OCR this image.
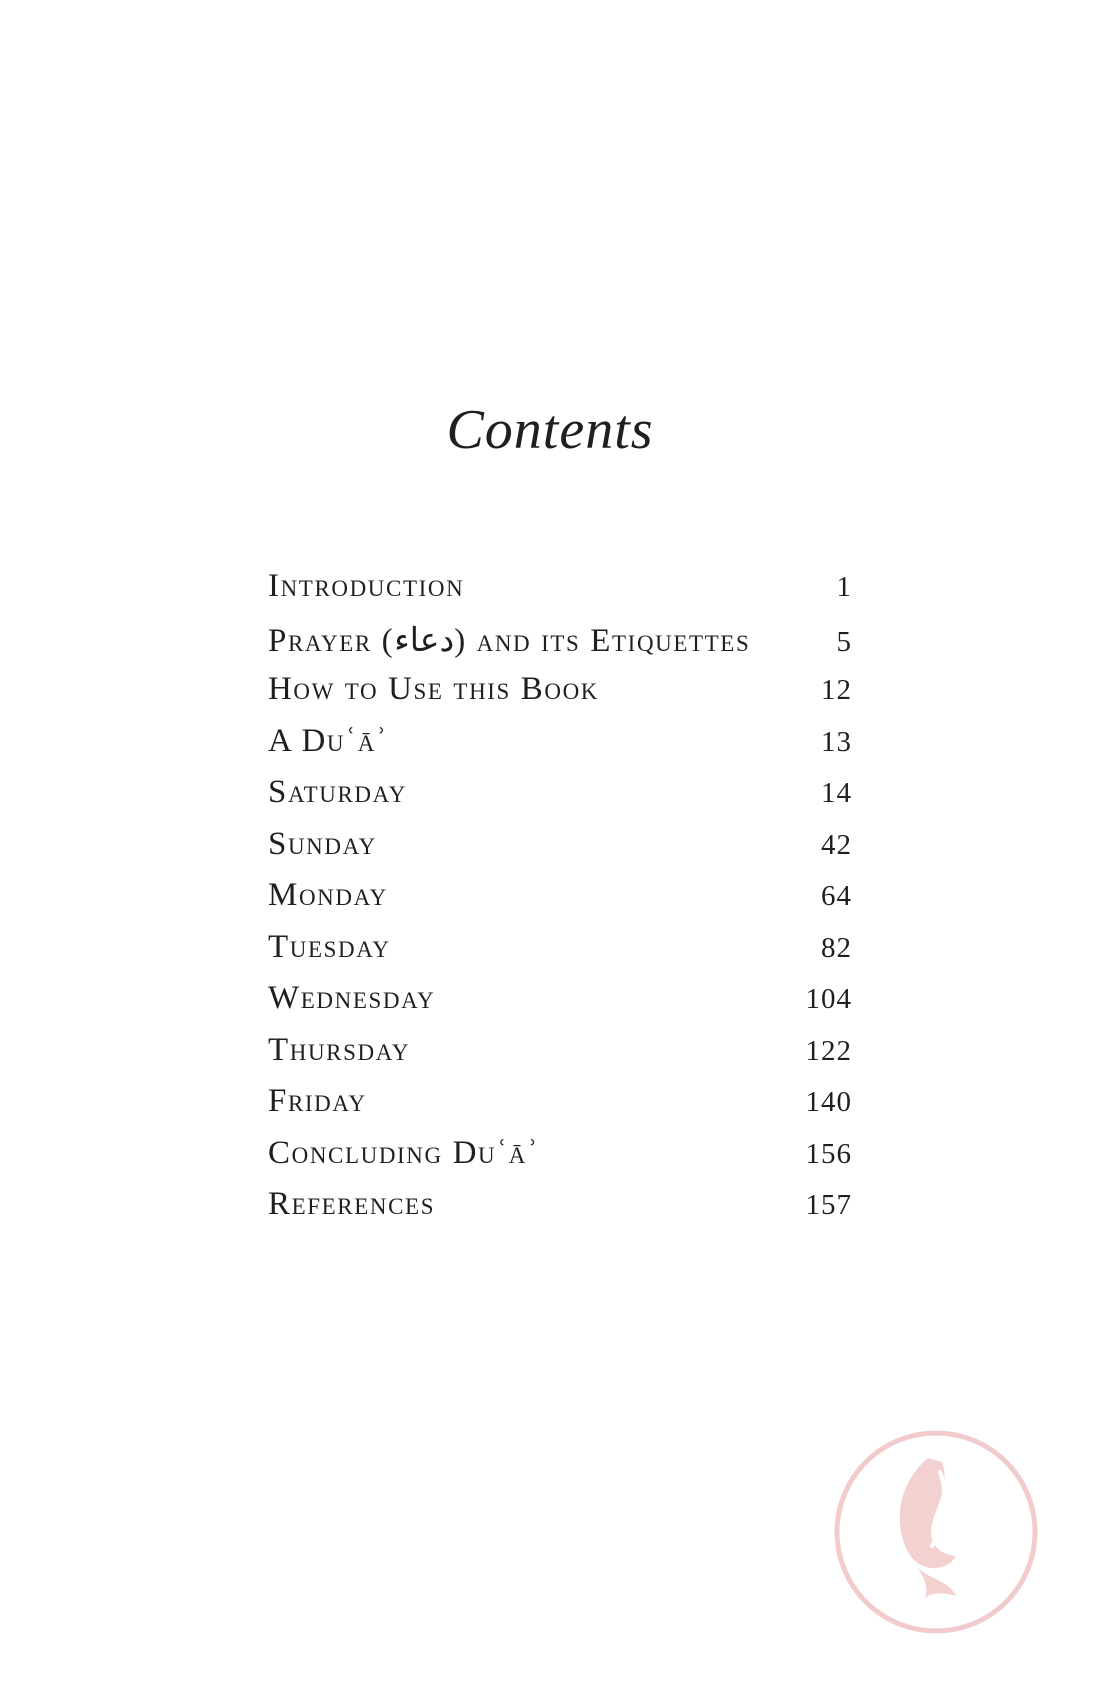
Contents
Introduction	1
Prayer (دعاء) and its Etiquettes	5
How to Use this Book	12
A Duʿāʾ	13
Saturday	14
Sunday	42
Monday	64
Tuesday	82
Wednesday	104
Thursday	122
Friday	140
Concluding Duʿāʾ	156
References	157
